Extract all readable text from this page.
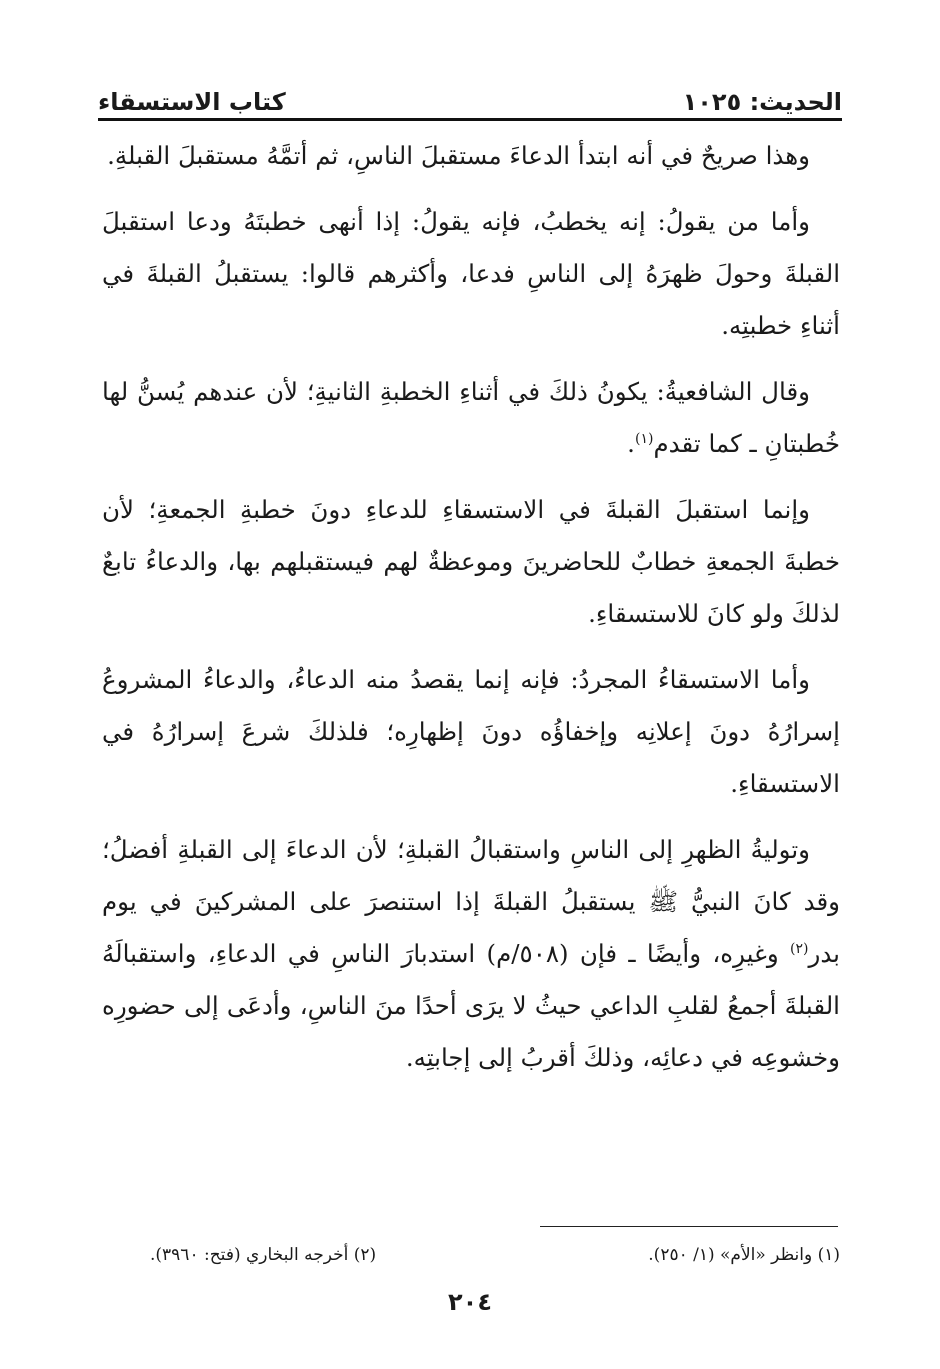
الحديث: ١٠٢٥
كتاب الاستسقاء

وهذا صريحٌ في أنه ابتدأ الدعاءَ مستقبلَ الناسِ، ثم أتمَّهُ مستقبلَ القبلةِ.

وأما من يقولُ: إنه يخطبُ، فإنه يقولُ: إذا أنهى خطبتَهُ ودعا استقبلَ القبلةَ وحولَ ظهرَهُ إلى الناسِ فدعا، وأكثرهم قالوا: يستقبلُ القبلةَ في أثناءِ خطبتِه.

وقال الشافعيةُ: يكونُ ذلكَ في أثناءِ الخطبةِ الثانيةِ؛ لأن عندهم يُسنُّ لها خُطبتانِ ـ كما تقدم$^{(١)}$.

وإنما استقبلَ القبلةَ في الاستسقاءِ للدعاءِ دونَ خطبةِ الجمعةِ؛ لأن خطبةَ الجمعةِ خطابٌ للحاضرينَ وموعظةٌ لهم فيستقبلهم بها، والدعاءُ تابعٌ لذلكَ ولو كانَ للاستسقاءِ.

وأما الاستسقاءُ المجردُ: فإنه إنما يقصدُ منه الدعاءُ، والدعاءُ المشروعُ إسرارُهُ دونَ إعلانِه وإخفاؤُه دونَ إظهارِه؛ فلذلكَ شرعَ إسرارُهُ في الاستسقاءِ.

وتوليةُ الظهرِ إلى الناسِ واستقبالُ القبلةِ؛ لأن الدعاءَ إلى القبلةِ أفضلُ؛ وقد كانَ النبيُّ ﷺ يستقبلُ القبلةَ إذا استنصرَ على المشركينَ في يوم بدر$^{(٢)}$ وغيرِه، وأيضًا ـ فإن (٥٠٨/م) استدبارَ الناسِ في الدعاءِ، واستقبالَهُ القبلةَ أجمعُ لقلبِ الداعي حيثُ لا يرَى أحدًا منَ الناسِ، وأدعَى إلى حضورِه وخشوعِه في دعائِه، وذلكَ أقربُ إلى إجابتِه.

(١) وانظر «الأم» (١/ ٢٥٠).
(٢) أخرجه البخاري (فتح: ٣٩٦٠).
٢٠٤
